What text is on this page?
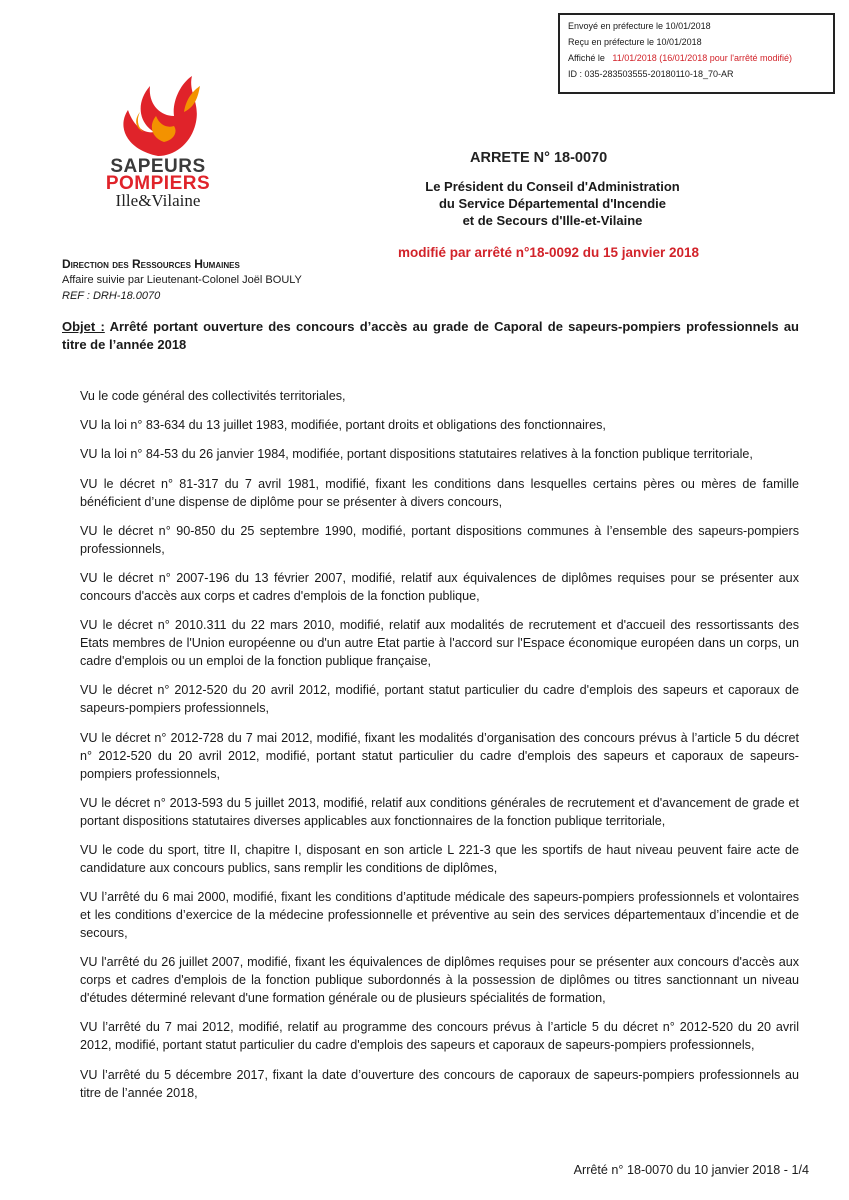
Envoyé en préfecture le 10/01/2018
Reçu en préfecture le 10/01/2018
Affiché le 11/01/2018 (16/01/2018 pour l'arrêté modifié)
ID : 035-283503555-20180110-18_70-AR
SAPEURS
POMPIERS
Ille&Vilaine
ARRETE N° 18-0070
Le Président du Conseil d'Administration
du Service Départemental d'Incendie
et de Secours d'Ille-et-Vilaine
modifié par arrêté n°18-0092 du 15 janvier 2018
Direction des Ressources Humaines
Affaire suivie par Lieutenant-Colonel Joël BOULY
REF : DRH-18.0070
Objet : Arrêté portant ouverture des concours d’accès au grade de Caporal de sapeurs-pompiers professionnels au titre de l’année 2018

Vu le code général des collectivités territoriales,

VU la loi n° 83-634 du 13 juillet 1983, modifiée, portant droits et obligations des fonctionnaires,

VU la loi n° 84-53 du 26 janvier 1984, modifiée, portant dispositions statutaires relatives à la fonction publique territoriale,

VU le décret n° 81-317 du 7 avril 1981, modifié, fixant les conditions dans lesquelles certains pères ou mères de famille bénéficient d’une dispense de diplôme pour se présenter à divers concours,

VU le décret n° 90-850 du 25 septembre 1990, modifié, portant dispositions communes à l’ensemble des sapeurs-pompiers professionnels,

VU le décret n° 2007-196 du 13 février 2007, modifié, relatif aux équivalences de diplômes requises pour se présenter aux concours d'accès aux corps et cadres d'emplois de la fonction publique,

VU le décret n° 2010.311 du 22 mars 2010, modifié, relatif aux modalités de recrutement et d'accueil des ressortissants des Etats membres de l'Union européenne ou d'un autre Etat partie à l'accord sur l'Espace économique européen dans un corps, un cadre d'emplois ou un emploi de la fonction publique française,

VU le décret n° 2012-520 du 20 avril 2012, modifié, portant statut particulier du cadre d'emplois des sapeurs et caporaux de sapeurs-pompiers professionnels,

VU le décret n° 2012-728 du 7 mai 2012, modifié, fixant les modalités d’organisation des concours prévus à l’article 5 du décret n° 2012-520 du 20 avril 2012, modifié, portant statut particulier du cadre d'emplois des sapeurs et caporaux de sapeurs-pompiers professionnels,

VU le décret n° 2013-593 du 5 juillet 2013, modifié, relatif aux conditions générales de recrutement et d'avancement de grade et portant dispositions statutaires diverses applicables aux fonctionnaires de la fonction publique territoriale,

VU le code du sport, titre II, chapitre I, disposant en son article L 221-3 que les sportifs de haut niveau peuvent faire acte de candidature aux concours publics, sans remplir les conditions de diplômes,

VU l’arrêté du 6 mai 2000, modifié, fixant les conditions d’aptitude médicale des sapeurs-pompiers professionnels et volontaires et les conditions d’exercice de la médecine professionnelle et préventive au sein des services départementaux d’incendie et de secours,

VU l'arrêté du 26 juillet 2007, modifié, fixant les équivalences de diplômes requises pour se présenter aux concours d'accès aux corps et cadres d'emplois de la fonction publique subordonnés à la possession de diplômes ou titres sanctionnant un niveau d'études déterminé relevant d'une formation générale ou de plusieurs spécialités de formation,

VU l’arrêté du 7 mai 2012, modifié, relatif au programme des concours prévus à l’article 5 du décret n° 2012-520 du 20 avril 2012, modifié, portant statut particulier du cadre d'emplois des sapeurs et caporaux de sapeurs-pompiers professionnels,

VU l’arrêté du 5 décembre 2017, fixant la date d’ouverture des concours de caporaux de sapeurs-pompiers professionnels au titre de l’année 2018,

Arrêté n° 18-0070 du 10 janvier 2018 - 1/4
